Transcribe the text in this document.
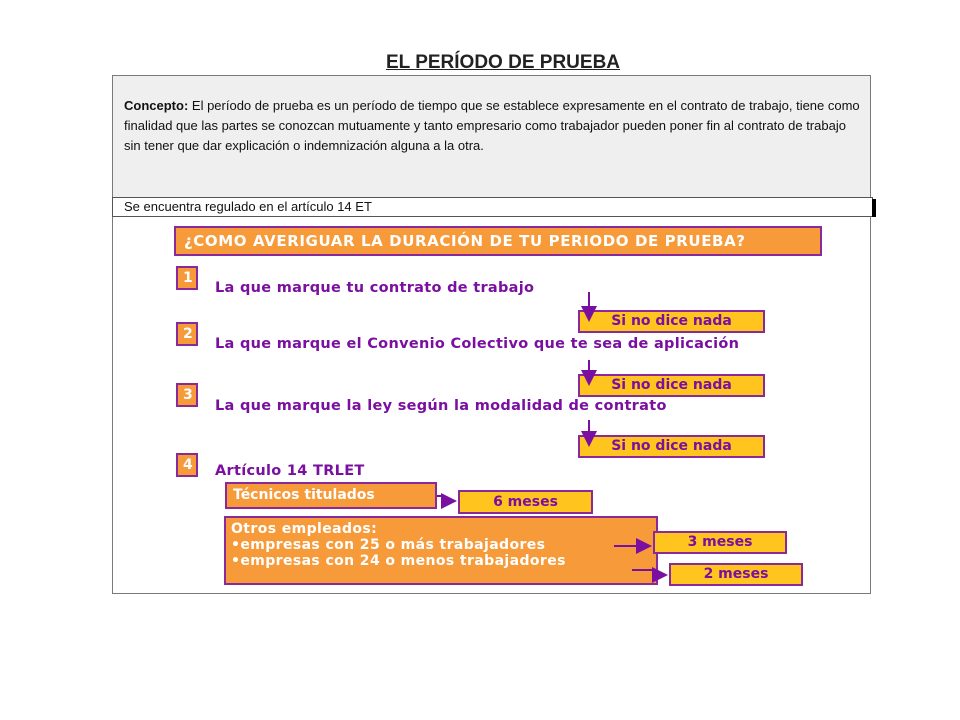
EL PERÍODO DE PRUEBA
Concepto: El período de prueba es un período de tiempo que se establece expresamente en el contrato de trabajo, tiene como finalidad que las partes se conozcan mutuamente y tanto empresario como trabajador pueden poner fin al contrato de trabajo sin tener que dar explicación o indemnización alguna a la otra.
Se encuentra regulado en el artículo 14 ET
¿COMO AVERIGUAR LA DURACIÓN DE TU PERIODO DE PRUEBA?
1
La que marque tu contrato de trabajo
Si no dice nada
2
La que marque el Convenio Colectivo que te sea de aplicación
Si no dice nada
3
La que marque la ley según la modalidad de contrato
Si no dice nada
4	Artículo 14 TRLET
Técnicos titulados	6 meses
Otros empleados:
•empresas con 25 o más trabajadores
•empresas con 24 o menos trabajadores
3 meses
2 meses
